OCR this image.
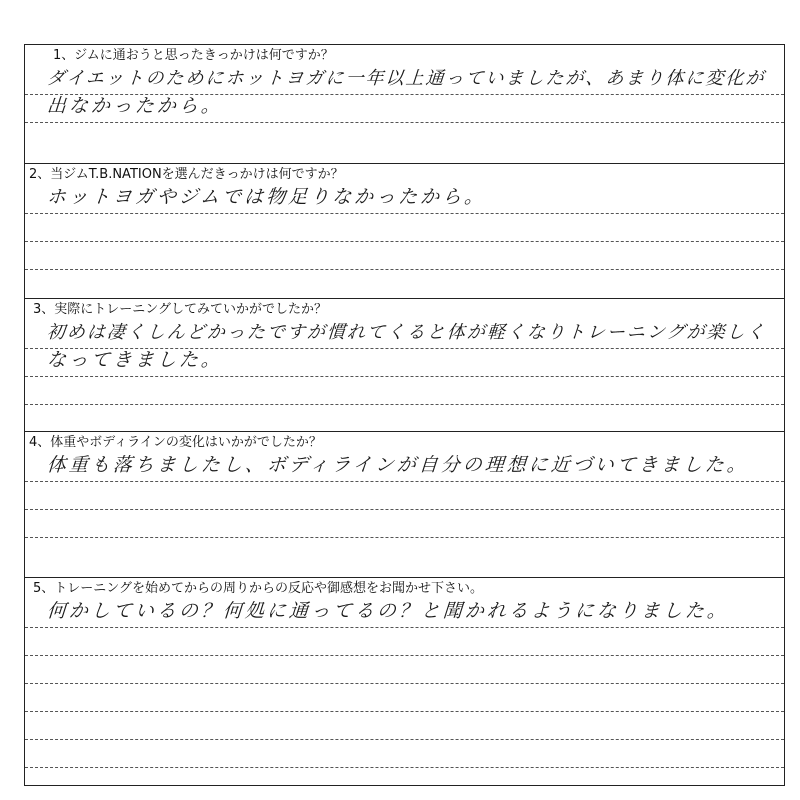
1、ジムに通おうと思ったきっかけは何ですか？
ダイエットのためにホットヨガに一年以上通っていましたが、あまり体に変化が
出なかったから。
2、当ジムT.B.NATIONを選んだきっかけは何ですか？
ホットヨガやジムでは物足りなかったから。
3、実際にトレーニングしてみていかがでしたか？
初めは凄くしんどかったですが慣れてくると体が軽くなりトレーニングが楽しく
なってきました。
4、体重やボディラインの変化はいかがでしたか？
体重も落ちましたし、ボディラインが自分の理想に近づいてきました。
5、トレーニングを始めてからの周りからの反応や御感想をお聞かせ下さい。
何かしているの？何処に通ってるの？と聞かれるようになりました。
